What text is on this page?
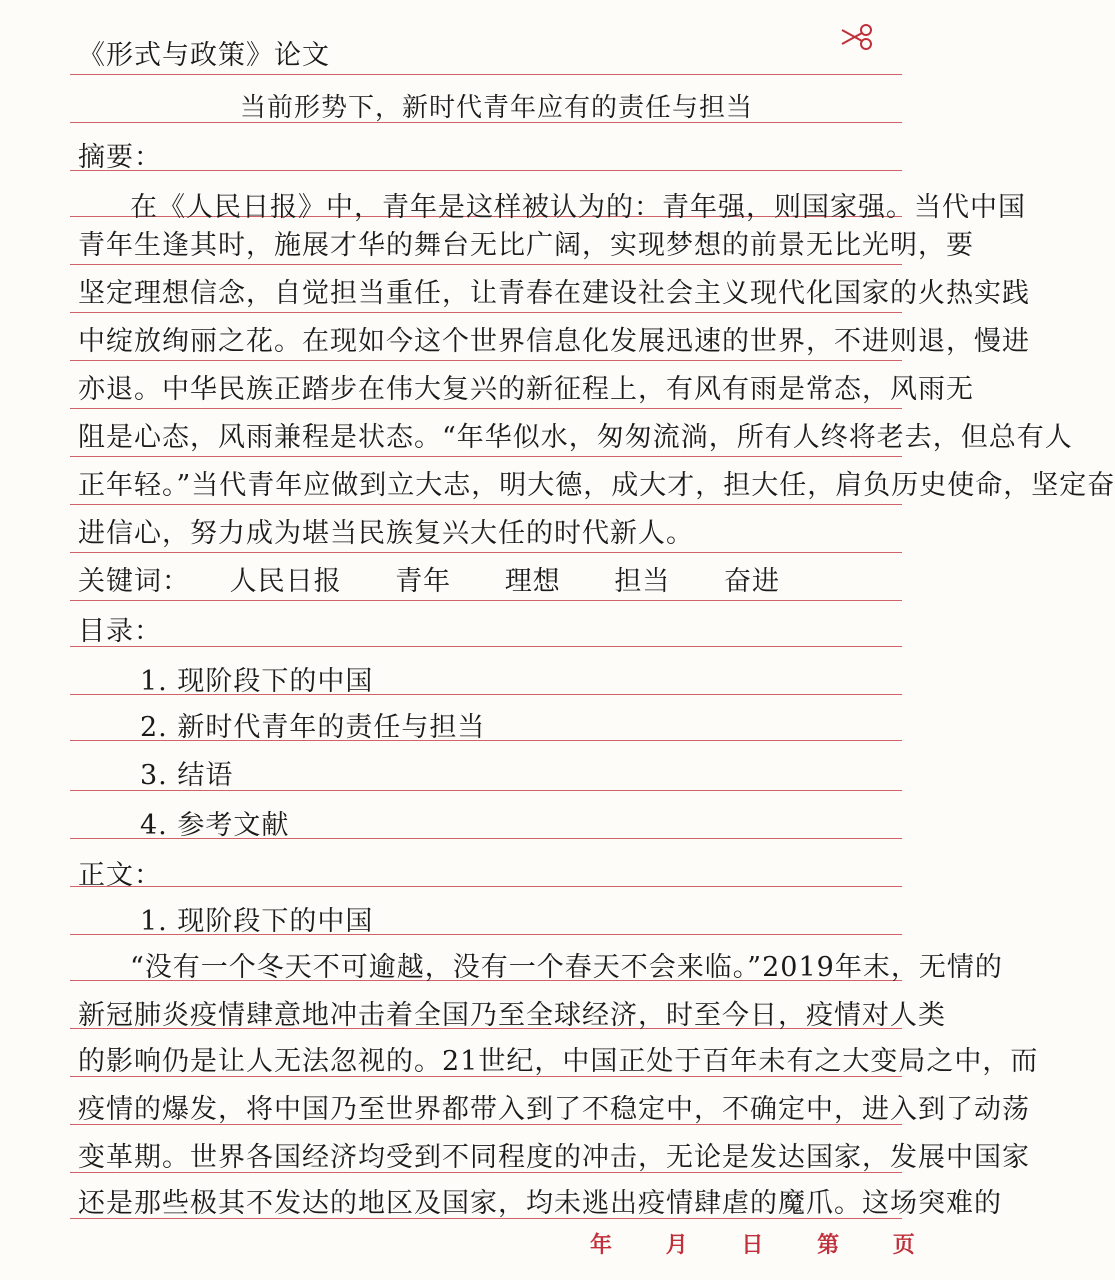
《形式与政策》论文
当前形势下，新时代青年应有的责任与担当
摘要：
在《人民日报》中，青年是这样被认为的：青年强，则国家强。当代中国
青年生逢其时，施展才华的舞台无比广阔，实现梦想的前景无比光明，要
坚定理想信念，自觉担当重任，让青春在建设社会主义现代化国家的火热实践
中绽放绚丽之花。在现如今这个世界信息化发展迅速的世界，不进则退，慢进
亦退。中华民族正踏步在伟大复兴的新征程上，有风有雨是常态，风雨无
阻是心态，风雨兼程是状态。“年华似水，匆匆流淌，所有人终将老去，但总有人
正年轻。”当代青年应做到立大志，明大德，成大才，担大任，肩负历史使命，坚定奋
进信心，努力成为堪当民族复兴大任的时代新人。
关键词： 人民日报 青年 理想 担当 奋进
目录：
1. 现阶段下的中国
2. 新时代青年的责任与担当
3. 结语
4. 参考文献
正文：
1. 现阶段下的中国
“没有一个冬天不可逾越，没有一个春天不会来临。”2019年末，无情的
新冠肺炎疫情肆意地冲击着全国乃至全球经济，时至今日，疫情对人类
的影响仍是让人无法忽视的。21世纪，中国正处于百年未有之大变局之中，而
疫情的爆发，将中国乃至世界都带入到了不稳定中，不确定中，进入到了动荡
变革期。世界各国经济均受到不同程度的冲击，无论是发达国家，发展中国家
还是那些极其不发达的地区及国家，均未逃出疫情肆虐的魔爪。这场突难的
年 月 日 第 页
